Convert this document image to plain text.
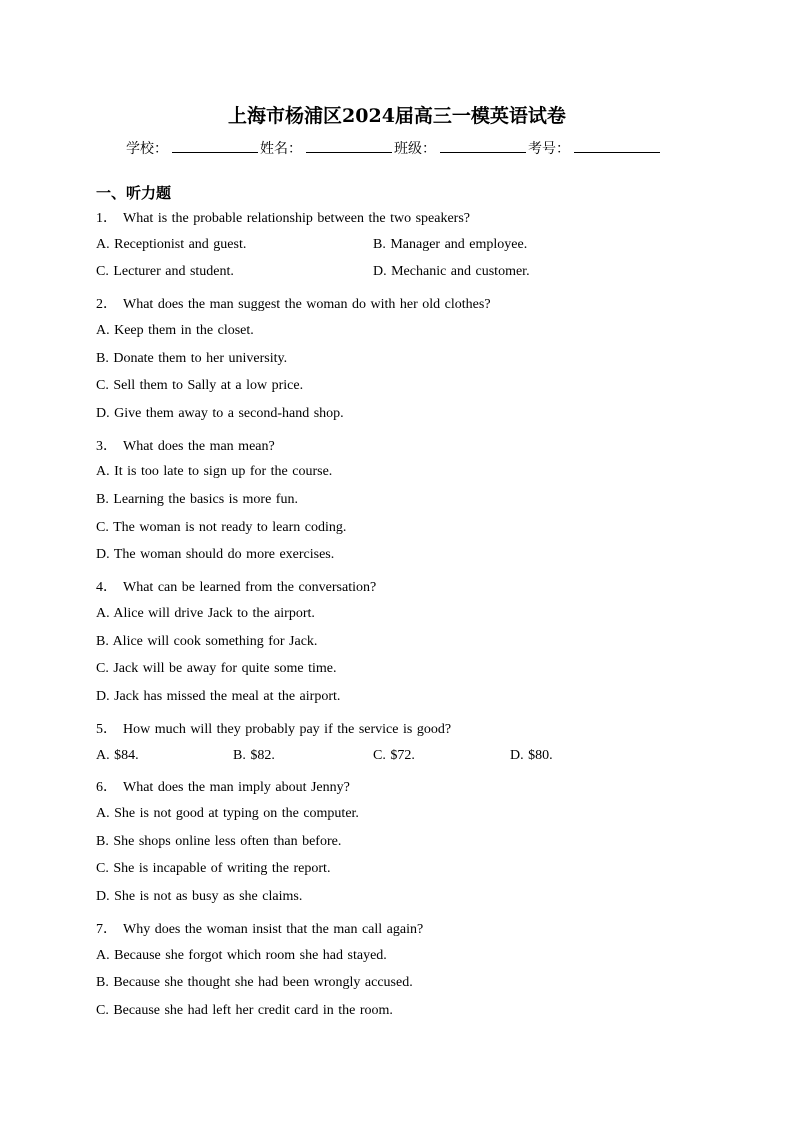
上海市杨浦区2024届高三一模英语试卷
学校：	姓名：	班级：	考号：
一、听力题
1． What is the probable relationship between the two speakers?
A. Receptionist and guest.	B. Manager and employee.
C. Lecturer and student.	D. Mechanic and customer.
2． What does the man suggest the woman do with her old clothes?
A. Keep them in the closet.
B. Donate them to her university.
C. Sell them to Sally at a low price.
D. Give them away to a second-hand shop.
3． What does the man mean?
A. It is too late to sign up for the course.
B. Learning the basics is more fun.
C. The woman is not ready to learn coding.
D. The woman should do more exercises.
4． What can be learned from the conversation?
A. Alice will drive Jack to the airport.
B. Alice will cook something for Jack.
C. Jack will be away for quite some time.
D. Jack has missed the meal at the airport.
5． How much will they probably pay if the service is good?
A. $84.	B. $82.	C. $72.	D. $80.
6． What does the man imply about Jenny?
A. She is not good at typing on the computer.
B. She shops online less often than before.
C. She is incapable of writing the report.
D. She is not as busy as she claims.
7． Why does the woman insist that the man call again?
A. Because she forgot which room she had stayed.
B. Because she thought she had been wrongly accused.
C. Because she had left her credit card in the room.
